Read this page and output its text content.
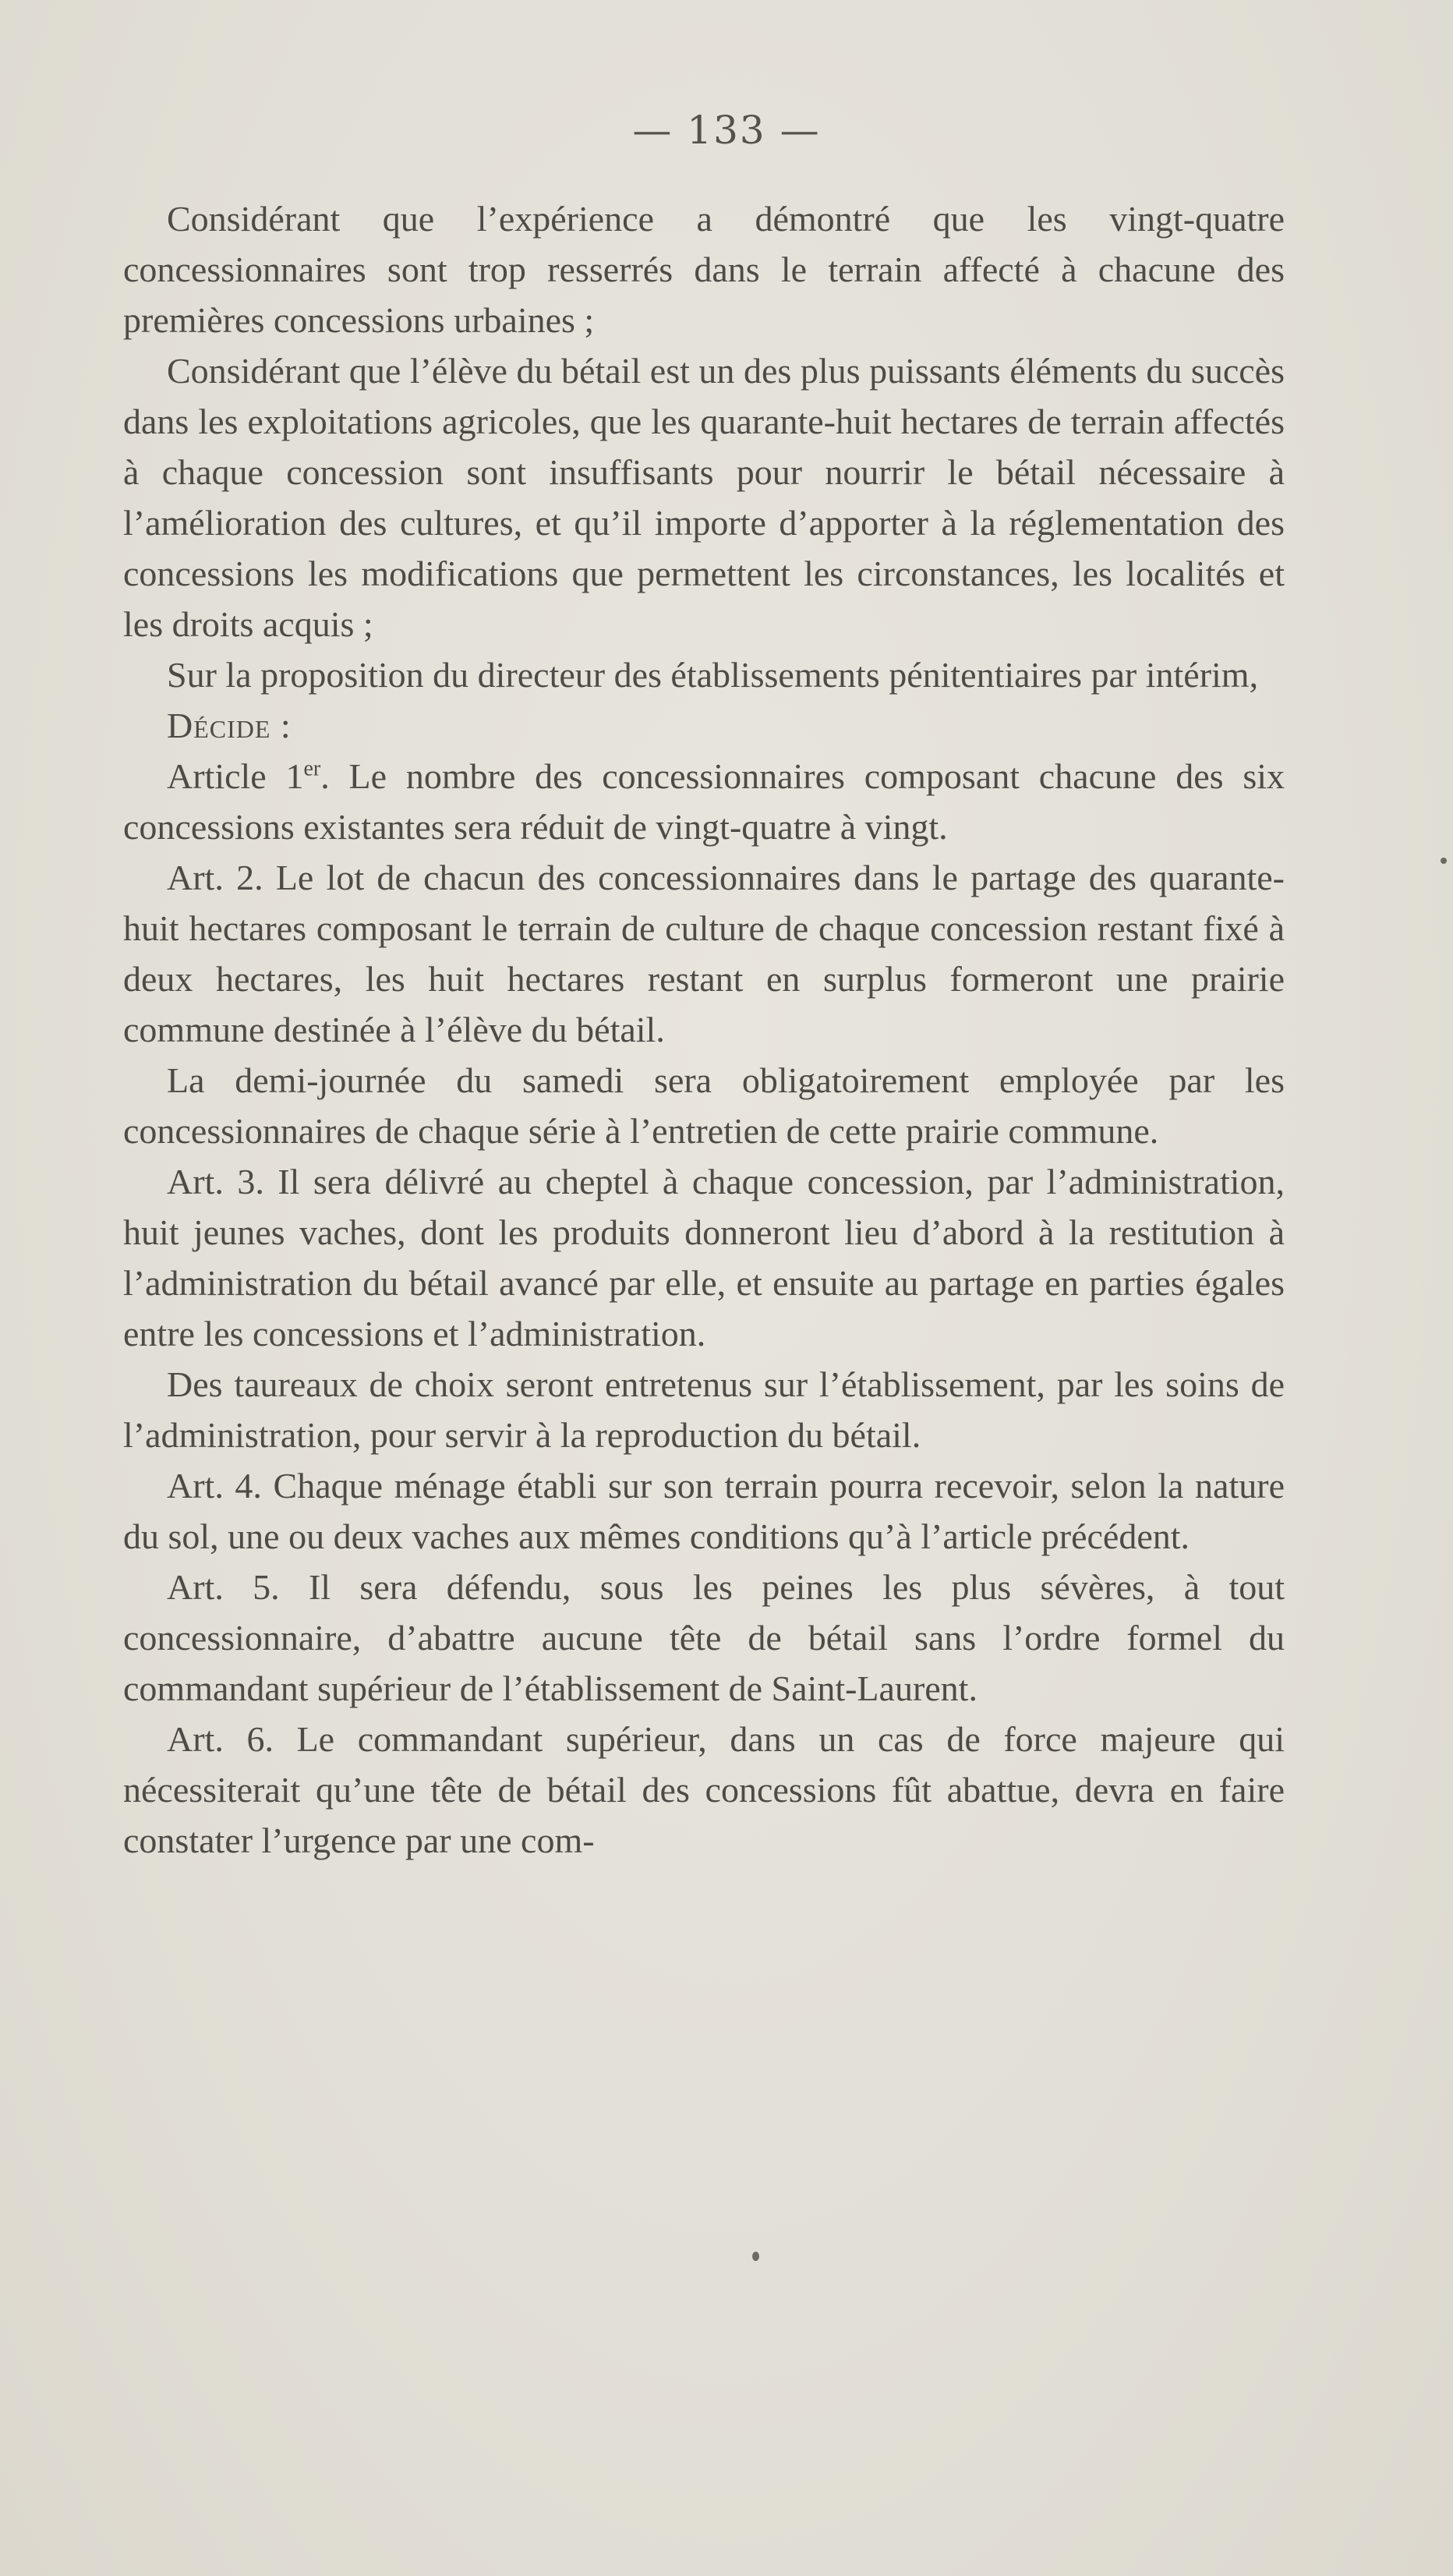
— 133 —

Considérant que l’expérience a démontré que les vingt-quatre concessionnaires sont trop resserrés dans le terrain affecté à chacune des premières concessions urbaines ;

Considérant que l’élève du bétail est un des plus puissants éléments du succès dans les exploitations agricoles, que les quarante-huit hectares de terrain affectés à chaque concession sont insuffisants pour nourrir le bétail nécessaire à l’amélioration des cultures, et qu’il importe d’apporter à la réglementation des concessions les modifications que permettent les circonstances, les localités et les droits acquis ;

Sur la proposition du directeur des établissements pénitentiaires par intérim,

Décide :

Article 1er. Le nombre des concessionnaires composant chacune des six concessions existantes sera réduit de vingt-quatre à vingt.

Art. 2. Le lot de chacun des concessionnaires dans le partage des quarante-huit hectares composant le terrain de culture de chaque concession restant fixé à deux hectares, les huit hectares restant en surplus formeront une prairie commune destinée à l’élève du bétail.

La demi-journée du samedi sera obligatoirement employée par les concessionnaires de chaque série à l’entretien de cette prairie commune.

Art. 3. Il sera délivré au cheptel à chaque concession, par l’administration, huit jeunes vaches, dont les produits donneront lieu d’abord à la restitution à l’administration du bétail avancé par elle, et ensuite au partage en parties égales entre les concessions et l’administration.

Des taureaux de choix seront entretenus sur l’établissement, par les soins de l’administration, pour servir à la reproduction du bétail.

Art. 4. Chaque ménage établi sur son terrain pourra recevoir, selon la nature du sol, une ou deux vaches aux mêmes conditions qu’à l’article précédent.

Art. 5. Il sera défendu, sous les peines les plus sévères, à tout concessionnaire, d’abattre aucune tête de bétail sans l’ordre formel du commandant supérieur de l’établissement de Saint-Laurent.

Art. 6. Le commandant supérieur, dans un cas de force majeure qui nécessiterait qu’une tête de bétail des concessions fût abattue, devra en faire constater l’urgence par une com-
